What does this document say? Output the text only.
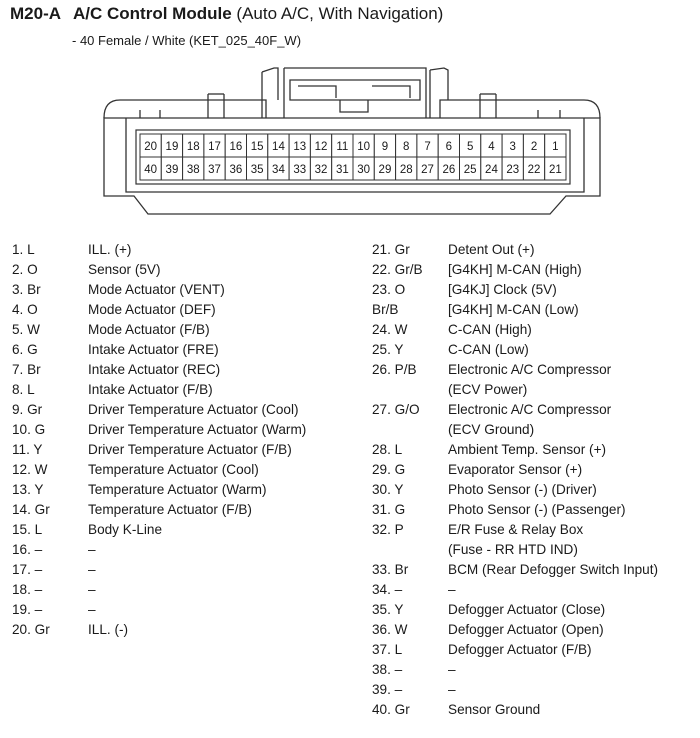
M20-A A/C Control Module (Auto A/C, With Navigation)
- 40 Female / White (KET_025_40F_W)
20 19 18 17 16 15 14 13 12 11 10 9 8 7 6 5 4 3 2 1
40 39 38 37 36 35 34 33 32 31 30 29 28 27 26 25 24 23 22 21
1. L	ILL. (+)
2. O	Sensor (5V)
3. Br	Mode Actuator (VENT)
4. O	Mode Actuator (DEF)
5. W	Mode Actuator (F/B)
6. G	Intake Actuator (FRE)
7. Br	Intake Actuator (REC)
8. L	Intake Actuator (F/B)
9. Gr	Driver Temperature Actuator (Cool)
10. G	Driver Temperature Actuator (Warm)
11. Y	Driver Temperature Actuator (F/B)
12. W	Temperature Actuator (Cool)
13. Y	Temperature Actuator (Warm)
14. Gr	Temperature Actuator (F/B)
15. L	Body K-Line
16. –	–
17. –	–
18. –	–
19. –	–
20. Gr	ILL. (-)
21. Gr	Detent Out (+)
22. Gr/B	[G4KH] M-CAN (High)
23. O	[G4KJ] Clock (5V)
Br/B	[G4KH] M-CAN (Low)
24. W	C-CAN (High)
25. Y	C-CAN (Low)
26. P/B	Electronic A/C Compressor
(ECV Power)
27. G/O	Electronic A/C Compressor
(ECV Ground)
28. L	Ambient Temp. Sensor (+)
29. G	Evaporator Sensor (+)
30. Y	Photo Sensor (-) (Driver)
31. G	Photo Sensor (-) (Passenger)
32. P	E/R Fuse & Relay Box
(Fuse - RR HTD IND)
33. Br	BCM (Rear Defogger Switch Input)
34. –	–
35. Y	Defogger Actuator (Close)
36. W	Defogger Actuator (Open)
37. L	Defogger Actuator (F/B)
38. –	–
39. –	–
40. Gr	Sensor Ground
